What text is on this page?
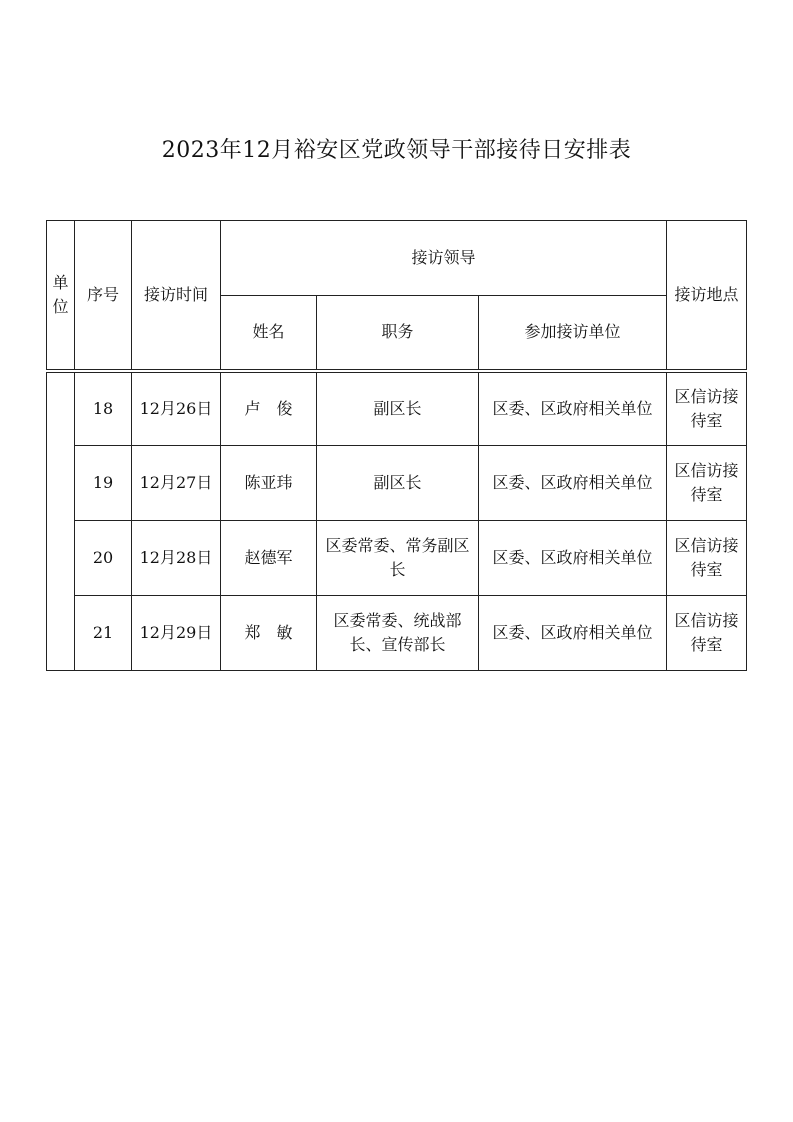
2023年12月裕安区党政领导干部接待日安排表
单位	序号	接访时间	接访领导			接访地点
			姓名	职务	参加接访单位	
	18	12月26日	卢　俊	副区长	区委、区政府相关单位	区信访接待室
	19	12月27日	陈亚玮	副区长	区委、区政府相关单位	区信访接待室
	20	12月28日	赵德军	区委常委、常务副区长	区委、区政府相关单位	区信访接待室
	21	12月29日	郑　敏	区委常委、统战部长、宣传部长	区委、区政府相关单位	区信访接待室
